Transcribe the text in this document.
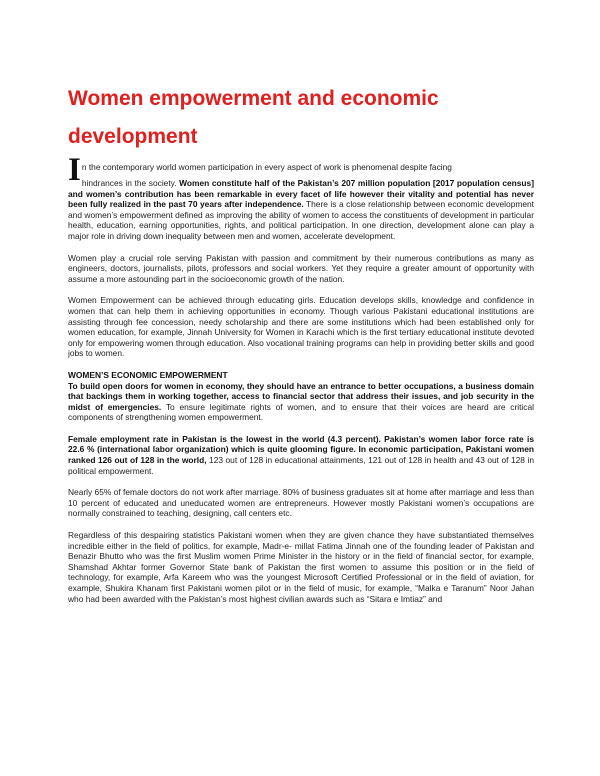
Women empowerment and economic
development

In the contemporary world women participation in every aspect of work is phenomenal despite facing
hindrances in the society. Women constitute half of the Pakistan’s 207 million population [2017 population census] and women’s contribution has been remarkable in every facet of life however their vitality and potential has never been fully realized in the past 70 years after independence. There is a close relationship between economic development and women’s empowerment defined as improving the ability of women to access the constituents of development in particular health, education, earning opportunities, rights, and political participation. In one direction, development alone can play a major role in driving down inequality between men and women, accelerate development.

Women play a crucial role serving Pakistan with passion and commitment by their numerous contributions as many as engineers, doctors, journalists, pilots, professors and social workers. Yet they require a greater amount of opportunity with assume a more astounding part in the socioeconomic growth of the nation.

Women Empowerment can be achieved through educating girls. Education develops skills, knowledge and confidence in women that can help them in achieving opportunities in economy. Though various Pakistani educational institutions are assisting through fee concession, needy scholarship and there are some institutions which had been established only for women education, for example, Jinnah University for Women in Karachi which is the first tertiary educational institute devoted only for empowering women through education. Also vocational training programs can help in providing better skills and good jobs to women.

WOMEN’S ECONOMIC EMPOWERMENT

To build open doors for women in economy, they should have an entrance to better occupations, a business domain that backings them in working together, access to financial sector that address their issues, and job security in the midst of emergencies. To ensure legitimate rights of women, and to ensure that their voices are heard are critical components of strengthening women empowerment.

Female employment rate in Pakistan is the lowest in the world (4.3 percent). Pakistan’s women labor force rate is 22.6 % (international labor organization) which is quite glooming figure. In economic participation, Pakistani women ranked 126 out of 128 in the world, 123 out of 128 in educational attainments, 121 out of 128 in health and 43 out of 128 in political empowerment.

Nearly 65% of female doctors do not work after marriage. 80% of business graduates sit at home after marriage and less than 10 percent of educated and uneducated women are entrepreneurs. However mostly Pakistani women’s occupations are normally constrained to teaching, designing, call centers etc.

Regardless of this despairing statistics Pakistani women when they are given chance they have substantiated themselves incredible either in the field of politics, for example, Madr-e- millat Fatima Jinnah one of the founding leader of Pakistan and Benazir Bhutto who was the first Muslim women Prime Minister in the history or in the field of financial sector, for example, Shamshad Akhtar former Governor State bank of Pakistan the first women to assume this position or in the field of technology, for example, Arfa Kareem who was the youngest Microsoft Certified Professional or in the field of aviation, for example, Shukira Khanam first Pakistani women pilot or in the field of music, for example, “Malka e Taranum” Noor Jahan who had been awarded with the Pakistan’s most highest civilian awards such as “Sitara e Imtiaz” and
